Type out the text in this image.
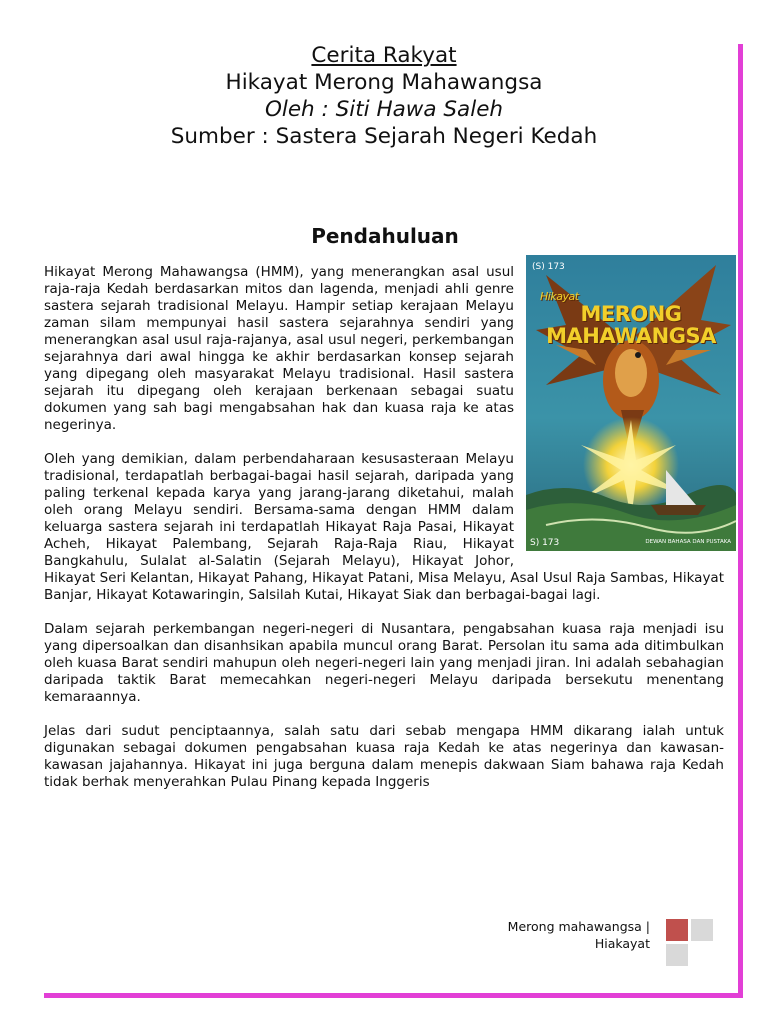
Cerita Rakyat
Hikayat Merong Mahawangsa
Oleh : Siti Hawa Saleh
Sumber : Sastera Sejarah Negeri Kedah
Pendahuluan
(S) 173
S) 173	DEWAN BAHASA DAN PUSTAKA
Hikayat
MERONG
MAHAWANGSA

Hikayat Merong Mahawangsa (HMM), yang menerangkan asal usul raja-raja Kedah berdasarkan mitos dan lagenda, menjadi ahli genre sastera sejarah tradisional Melayu. Hampir setiap kerajaan Melayu zaman silam mempunyai hasil sastera sejarahnya sendiri yang menerangkan asal usul raja-rajanya, asal usul negeri, perkembangan sejarahnya dari awal hingga ke akhir berdasarkan konsep sejarah yang dipegang oleh masyarakat Melayu tradisional. Hasil sastera sejarah itu dipegang oleh kerajaan berkenaan sebagai suatu dokumen yang sah bagi mengabsahan hak dan kuasa raja ke atas negerinya.

Oleh yang demikian, dalam perbendaharaan kesusasteraan Melayu tradisional, terdapatlah berbagai-bagai hasil sejarah, daripada yang paling terkenal kepada karya yang jarang-jarang diketahui, malah oleh orang Melayu sendiri. Bersama-sama dengan HMM dalam keluarga sastera sejarah ini terdapatlah Hikayat Raja Pasai, Hikayat Acheh, Hikayat Palembang, Sejarah Raja-Raja Riau, Hikayat Bangkahulu, Sulalat al-Salatin (Sejarah Melayu), Hikayat Johor, Hikayat Seri Kelantan, Hikayat Pahang, Hikayat Patani, Misa Melayu, Asal Usul Raja Sambas, Hikayat Banjar, Hikayat Kotawaringin, Salsilah Kutai, Hikayat Siak dan berbagai-bagai lagi.

Dalam sejarah perkembangan negeri-negeri di Nusantara, pengabsahan kuasa raja menjadi isu yang dipersoalkan dan disanhsikan apabila muncul orang Barat. Persolan itu sama ada ditimbulkan oleh kuasa Barat sendiri mahupun oleh negeri-negeri lain yang menjadi jiran. Ini adalah sebahagian daripada taktik Barat memecahkan negeri-negeri Melayu daripada bersekutu menentang kemaraannya.

Jelas dari sudut penciptaannya, salah satu dari sebab mengapa HMM dikarang ialah untuk digunakan sebagai dokumen pengabsahan kuasa raja Kedah ke atas negerinya dan kawasan-kawasan jajahannya. Hikayat ini juga berguna dalam menepis dakwaan Siam bahawa raja Kedah tidak berhak menyerahkan Pulau Pinang kepada Inggeris

Merong mahawangsa |
Hiakayat
